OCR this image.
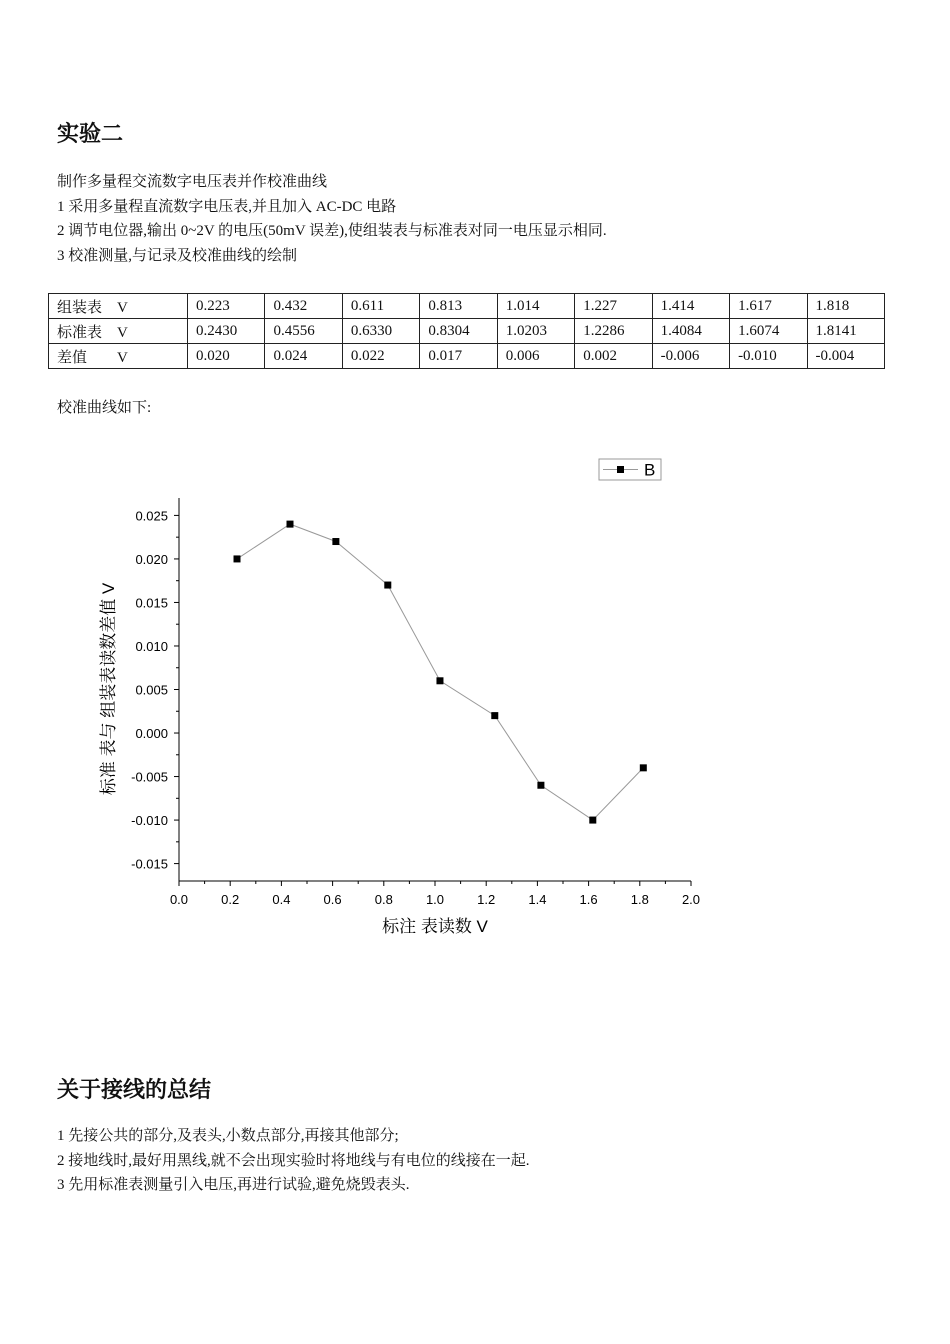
实验二

制作多量程交流数字电压表并作校准曲线

1 采用多量程直流数字电压表,并且加入 AC-DC 电路

2 调节电位器,输出 0~2V 的电压(50mV 误差),使组装表与标准表对同一电压显示相同.

3 校准测量,与记录及校准曲线的绘制

组装表　V	0.223	0.432	0.611	0.813	1.014	1.227	1.414	1.617	1.818
标准表　V	0.2430	0.4556	0.6330	0.8304	1.0203	1.2286	1.4084	1.6074	1.8141
差值　　V	0.020	0.024	0.022	0.017	0.006	0.002	-0.006	-0.010	-0.004

校准曲线如下:

-0.015
-0.010
-0.005
0.000
0.005
0.010
0.015
0.020
0.025
0.0	0.2	0.4	0.6	0.8	1.0	1.2	1.4	1.6	1.8	2.0
标注 表读数 V
标准 表与 组装表读数差值 V
B
关于接线的总结

1 先接公共的部分,及表头,小数点部分,再接其他部分;

2 接地线时,最好用黑线,就不会出现实验时将地线与有电位的线接在一起.

3 先用标准表测量引入电压,再进行试验,避免烧毁表头.
